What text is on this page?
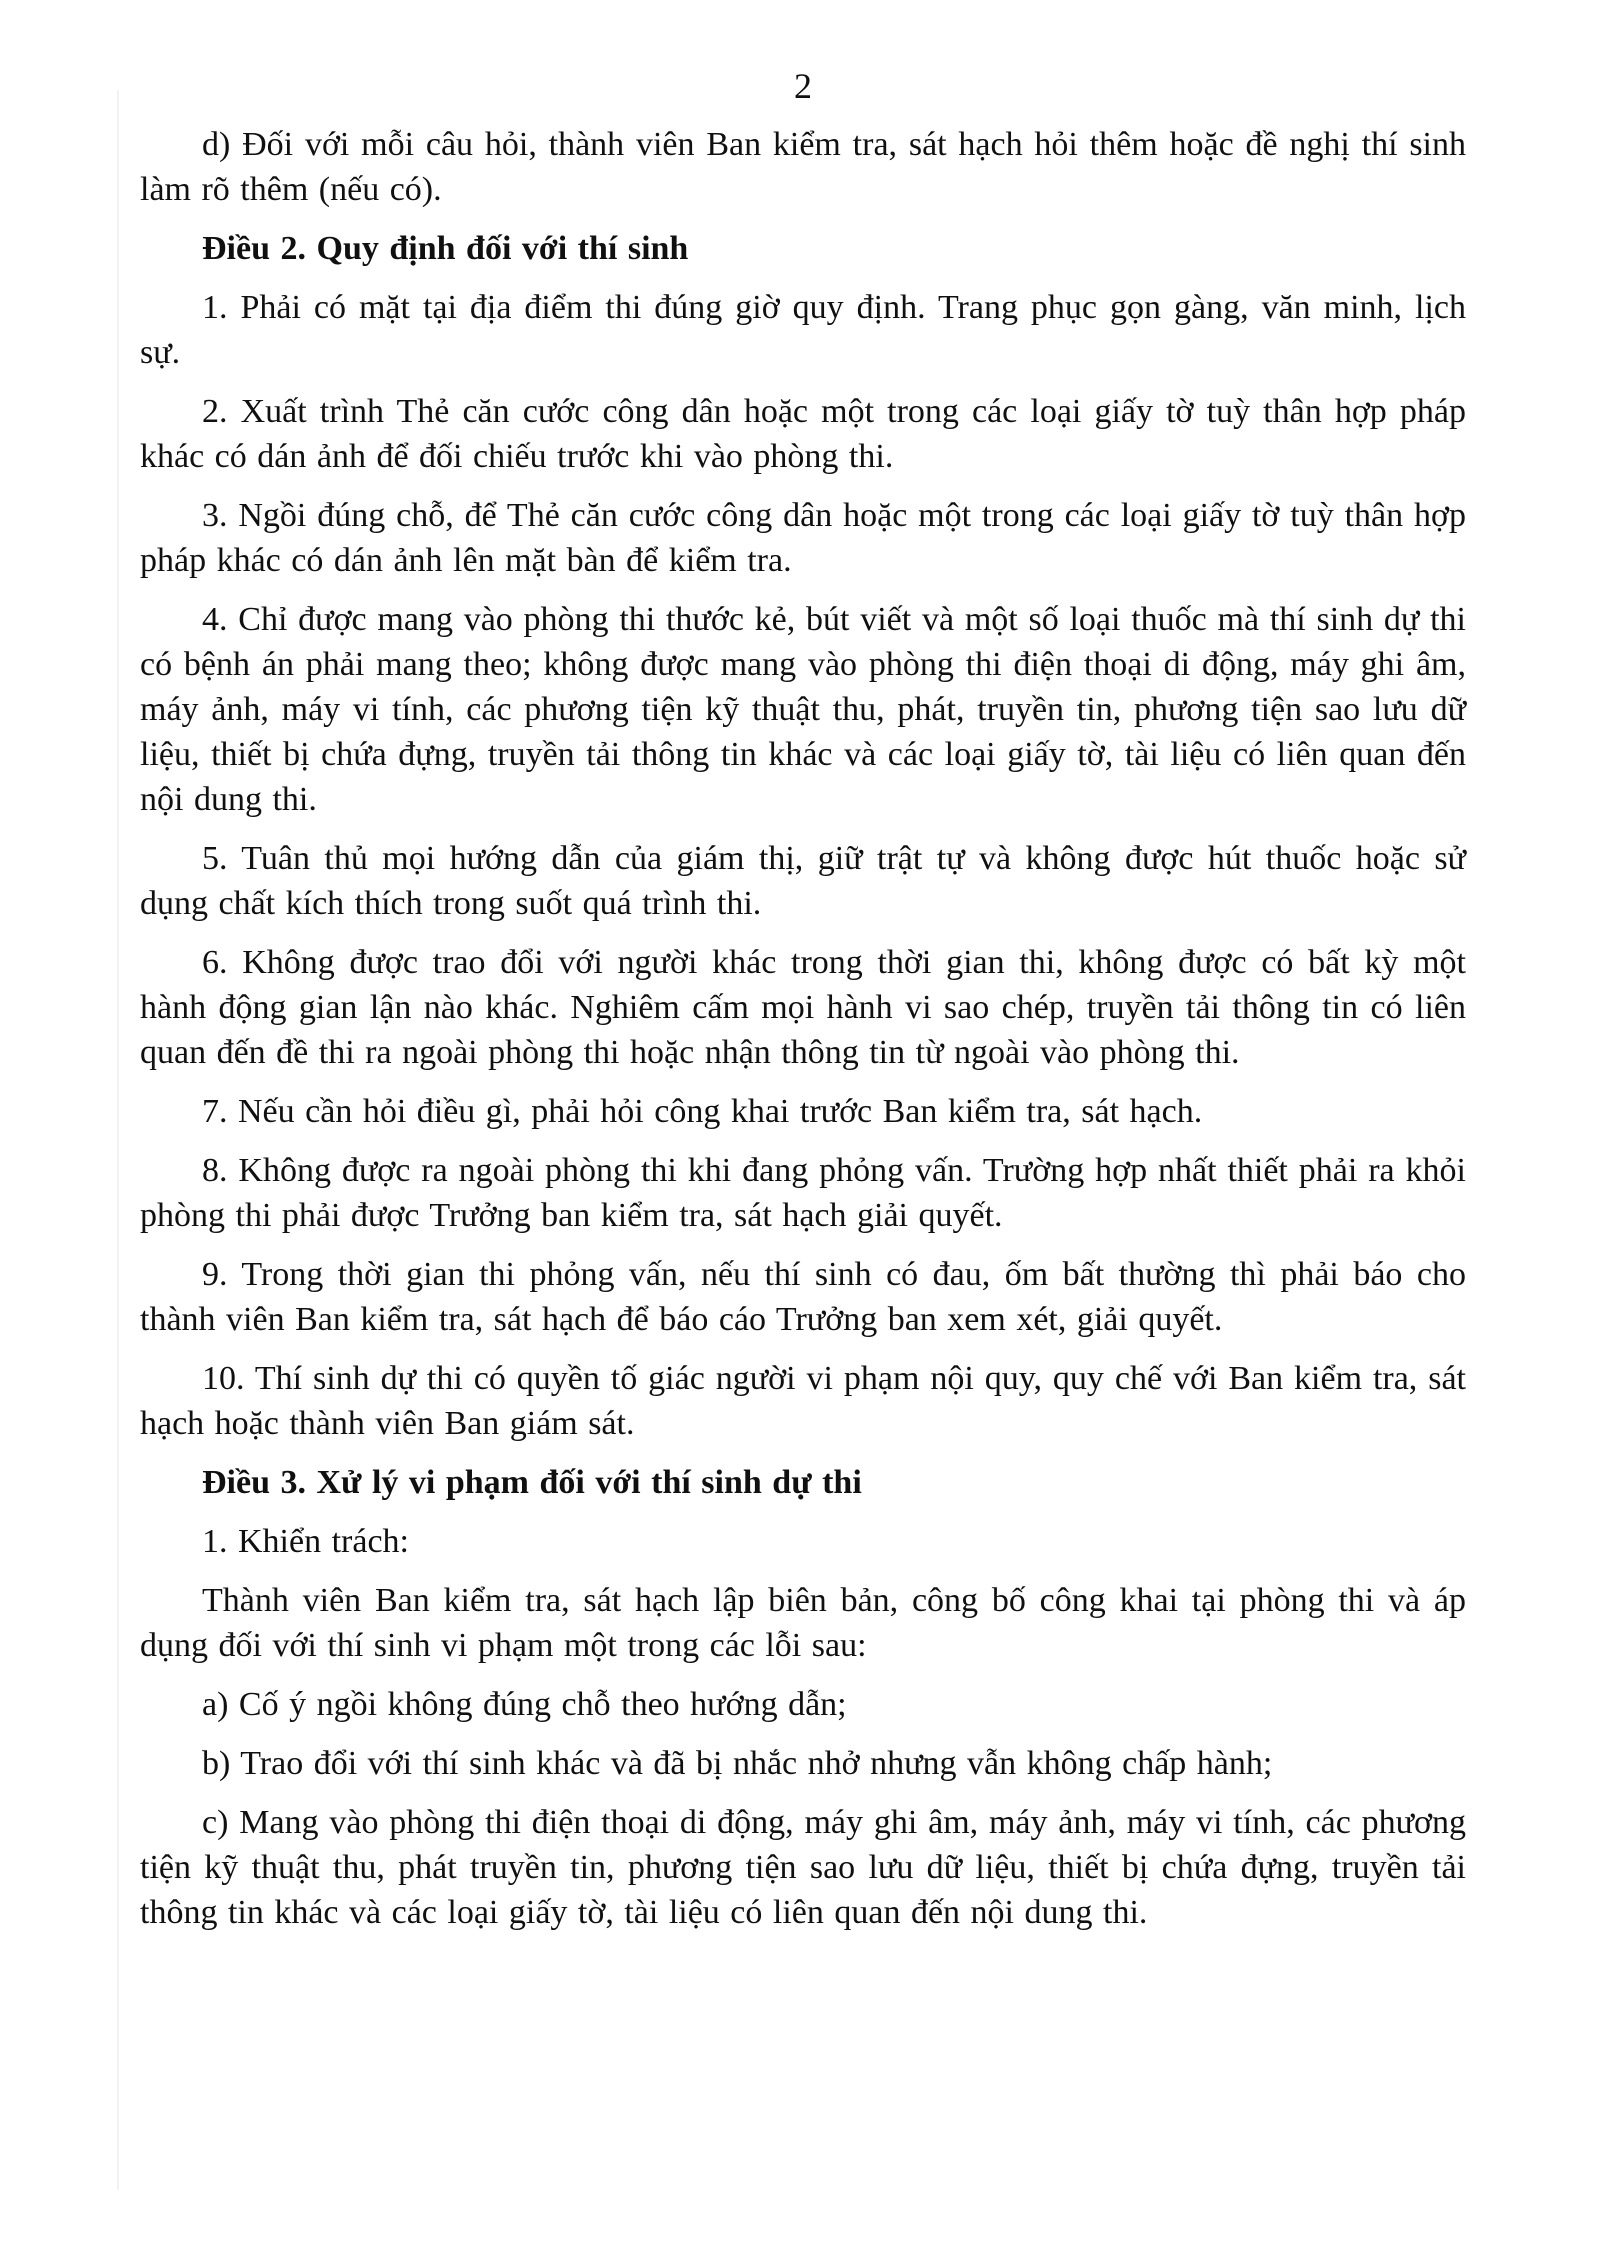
2

d) Đối với mỗi câu hỏi, thành viên Ban kiểm tra, sát hạch hỏi thêm hoặc đề nghị thí sinh làm rõ thêm (nếu có).

Điều 2. Quy định đối với thí sinh

1. Phải có mặt tại địa điểm thi đúng giờ quy định. Trang phục gọn gàng, văn minh, lịch sự.

2. Xuất trình Thẻ căn cước công dân hoặc một trong các loại giấy tờ tuỳ thân hợp pháp khác có dán ảnh để đối chiếu trước khi vào phòng thi.

3. Ngồi đúng chỗ, để Thẻ căn cước công dân hoặc một trong các loại giấy tờ tuỳ thân hợp pháp khác có dán ảnh lên mặt bàn để kiểm tra.

4. Chỉ được mang vào phòng thi thước kẻ, bút viết và một số loại thuốc mà thí sinh dự thi có bệnh án phải mang theo; không được mang vào phòng thi điện thoại di động, máy ghi âm, máy ảnh, máy vi tính, các phương tiện kỹ thuật thu, phát, truyền tin, phương tiện sao lưu dữ liệu, thiết bị chứa đựng, truyền tải thông tin khác và các loại giấy tờ, tài liệu có liên quan đến nội dung thi.

5. Tuân thủ mọi hướng dẫn của giám thị, giữ trật tự và không được hút thuốc hoặc sử dụng chất kích thích trong suốt quá trình thi.

6. Không được trao đổi với người khác trong thời gian thi, không được có bất kỳ một hành động gian lận nào khác. Nghiêm cấm mọi hành vi sao chép, truyền tải thông tin có liên quan đến đề thi ra ngoài phòng thi hoặc nhận thông tin từ ngoài vào phòng thi.

7. Nếu cần hỏi điều gì, phải hỏi công khai trước Ban kiểm tra, sát hạch.

8. Không được ra ngoài phòng thi khi đang phỏng vấn. Trường hợp nhất thiết phải ra khỏi phòng thi phải được Trưởng ban kiểm tra, sát hạch giải quyết.

9. Trong thời gian thi phỏng vấn, nếu thí sinh có đau, ốm bất thường thì phải báo cho thành viên Ban kiểm tra, sát hạch để báo cáo Trưởng ban xem xét, giải quyết.

10. Thí sinh dự thi có quyền tố giác người vi phạm nội quy, quy chế với Ban kiểm tra, sát hạch hoặc thành viên Ban giám sát.

Điều 3. Xử lý vi phạm đối với thí sinh dự thi

1. Khiển trách:

Thành viên Ban kiểm tra, sát hạch lập biên bản, công bố công khai tại phòng thi và áp dụng đối với thí sinh vi phạm một trong các lỗi sau:

a) Cố ý ngồi không đúng chỗ theo hướng dẫn;

b) Trao đổi với thí sinh khác và đã bị nhắc nhở nhưng vẫn không chấp hành;

c) Mang vào phòng thi điện thoại di động, máy ghi âm, máy ảnh, máy vi tính, các phương tiện kỹ thuật thu, phát truyền tin, phương tiện sao lưu dữ liệu, thiết bị chứa đựng, truyền tải thông tin khác và các loại giấy tờ, tài liệu có liên quan đến nội dung thi.
